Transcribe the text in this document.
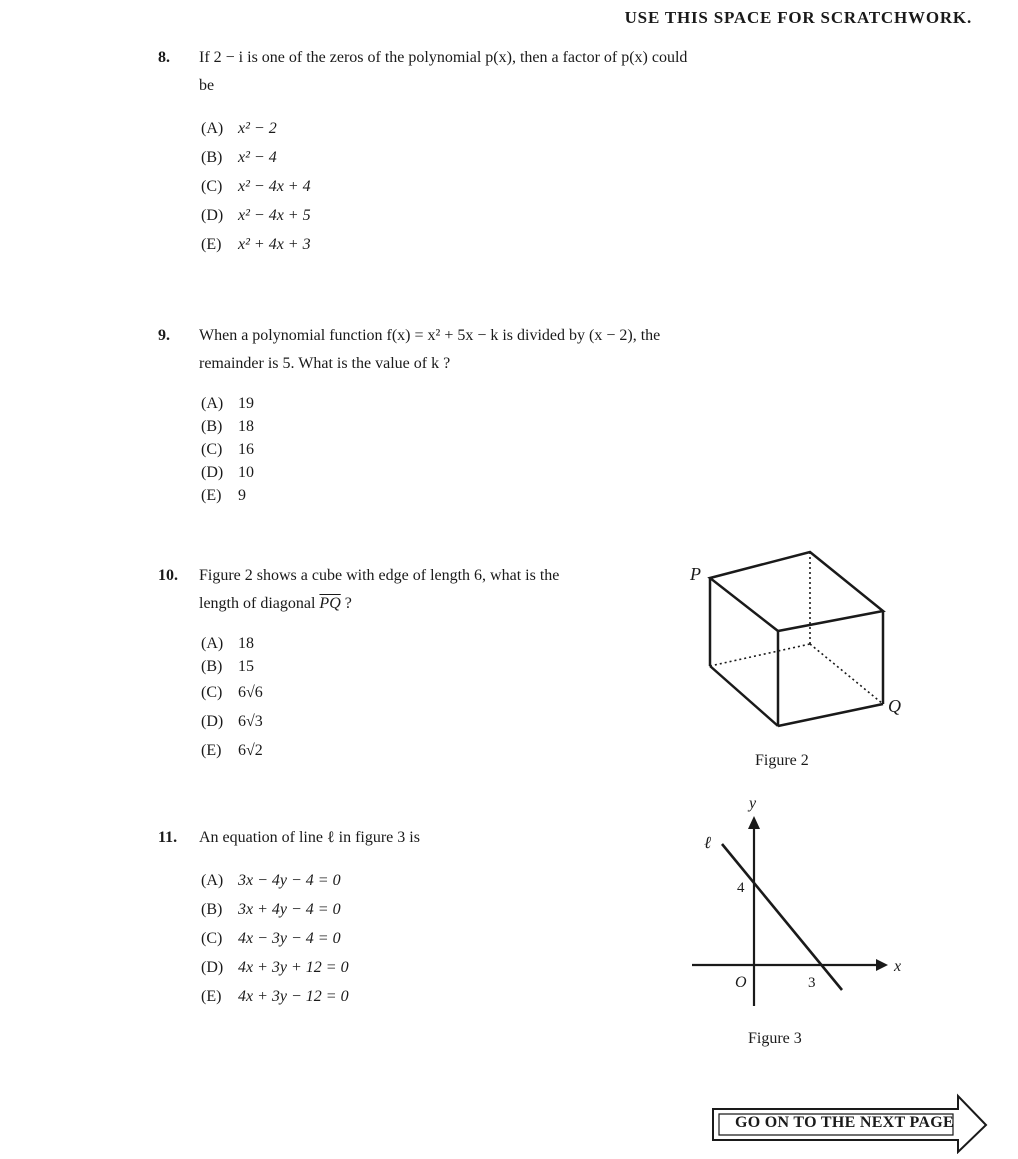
USE THIS SPACE FOR SCRATCHWORK.
8. If 2 − i is one of the zeros of the polynomial p(x), then a factor of p(x) could be
(A) x² − 2
(B) x² − 4
(C) x² − 4x + 4
(D) x² − 4x + 5
(E) x² + 4x + 3
9. When a polynomial function f(x) = x² + 5x − k is divided by (x − 2), the remainder is 5. What is the value of k ?
(A) 19
(B) 18
(C) 16
(D) 10
(E) 9
10. Figure 2 shows a cube with edge of length 6, what is the length of diagonal $\overline{PQ}$ ?
(A) 18
(B) 15
(C) 6√6
(D) 6√3
(E) 6√2
11. An equation of line ℓ in figure 3 is
(A) 3x − 4y − 4 = 0
(B) 3x + 4y − 4 = 0
(C) 4x − 3y − 4 = 0
(D) 4x + 3y + 12 = 0
(E) 4x + 3y − 12 = 0
P
Q
Figure 2
y
x
ℓ
4
O	3
Figure 3
GO ON TO THE NEXT PAGE
